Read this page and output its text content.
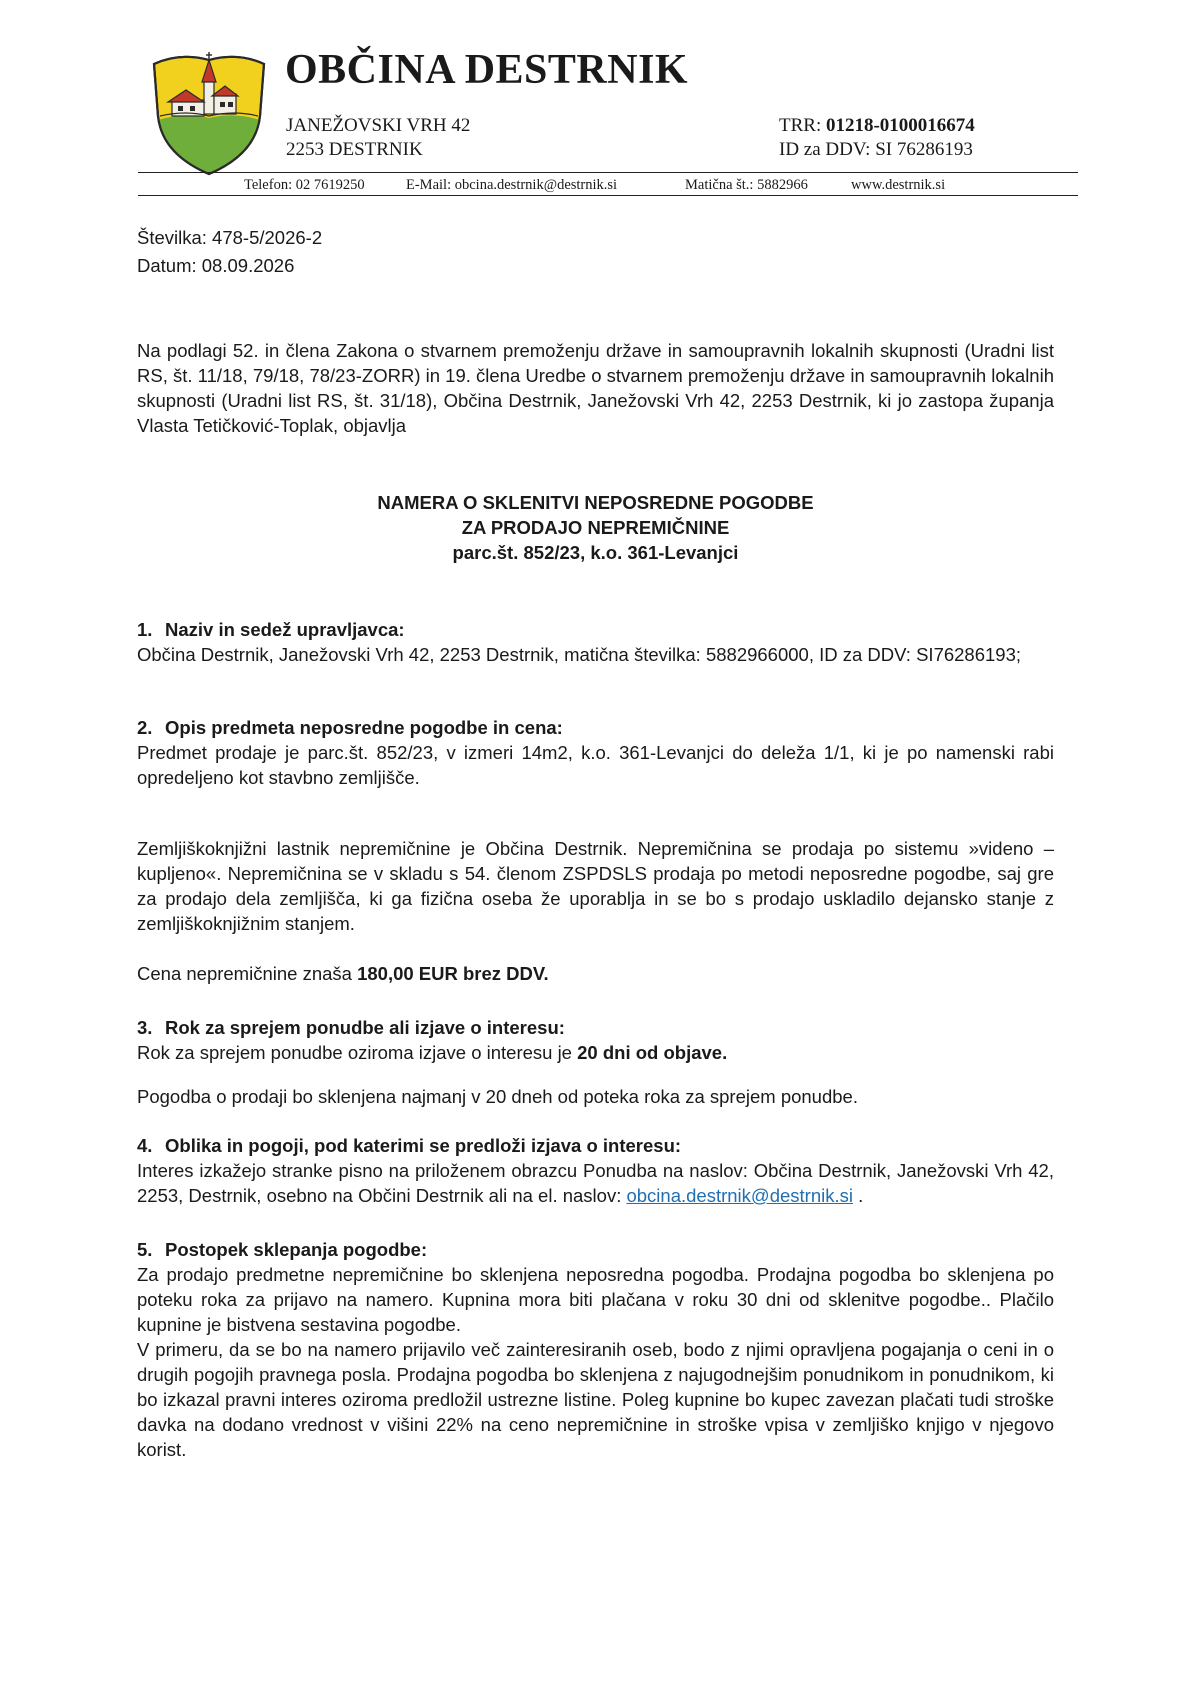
OBČINA DESTRNIK
JANEŽOVSKI VRH 42
2253 DESTRNIK
TRR: 01218-0100016674
ID za DDV: SI 76286193
Telefon: 02 7619250	E-Mail: obcina.destrnik@destrnik.si	Matična št.: 5882966	www.destrnik.si
Številka: 478-5/2026-2
Datum: 08.09.2026
Na podlagi 52. in člena Zakona o stvarnem premoženju države in samoupravnih lokalnih skupnosti (Uradni list RS, št. 11/18, 79/18, 78/23-ZORR) in 19. člena Uredbe o stvarnem premoženju države in samoupravnih lokalnih skupnosti (Uradni list RS, št. 31/18), Občina Destrnik, Janežovski Vrh 42, 2253 Destrnik, ki jo zastopa županja Vlasta Tetičković-Toplak, objavlja
NAMERA O SKLENITVI NEPOSREDNE POGODBE
ZA PRODAJO NEPREMIČNINE
parc.št. 852/23, k.o. 361-Levanjci
1. Naziv in sedež upravljavca:

Občina Destrnik, Janežovski Vrh 42, 2253 Destrnik, matična številka: 5882966000, ID za DDV: SI76286193;

2. Opis predmeta neposredne pogodbe in cena:

Predmet prodaje je parc.št. 852/23, v izmeri 14m2, k.o. 361-Levanjci do deleža 1/1, ki je po namenski rabi opredeljeno kot stavbno zemljišče.

Zemljiškoknjižni lastnik nepremičnine je Občina Destrnik. Nepremičnina se prodaja po sistemu »videno – kupljeno«. Nepremičnina se v skladu s 54. členom ZSPDSLS prodaja po metodi neposredne pogodbe, saj gre za prodajo dela zemljišča, ki ga fizična oseba že uporablja in se bo s prodajo uskladilo dejansko stanje z zemljiškoknjižnim stanjem.
Cena nepremičnine znaša 180,00 EUR brez DDV.
3. Rok za sprejem ponudbe ali izjave o interesu:

Rok za sprejem ponudbe oziroma izjave o interesu je 20 dni od objave.

Pogodba o prodaji bo sklenjena najmanj v 20 dneh od poteka roka za sprejem ponudbe.
4. Oblika in pogoji, pod katerimi se predloži izjava o interesu:

Interes izkažejo stranke pisno na priloženem obrazcu Ponudba na naslov: Občina Destrnik, Janežovski Vrh 42, 2253, Destrnik, osebno na Občini Destrnik ali na el. naslov: obcina.destrnik@destrnik.si .

5. Postopek sklepanja pogodbe:

Za prodajo predmetne nepremičnine bo sklenjena neposredna pogodba. Prodajna pogodba bo sklenjena po poteku roka za prijavo na namero. Kupnina mora biti plačana v roku 30 dni od sklenitve pogodbe.. Plačilo kupnine je bistvena sestavina pogodbe.

V primeru, da se bo na namero prijavilo več zainteresiranih oseb, bodo z njimi opravljena pogajanja o ceni in o drugih pogojih pravnega posla. Prodajna pogodba bo sklenjena z najugodnejšim ponudnikom in ponudnikom, ki bo izkazal pravni interes oziroma predložil ustrezne listine. Poleg kupnine bo kupec zavezan plačati tudi stroške davka na dodano vrednost v višini 22% na ceno nepremičnine in stroške vpisa v zemljiško knjigo v njegovo korist.
